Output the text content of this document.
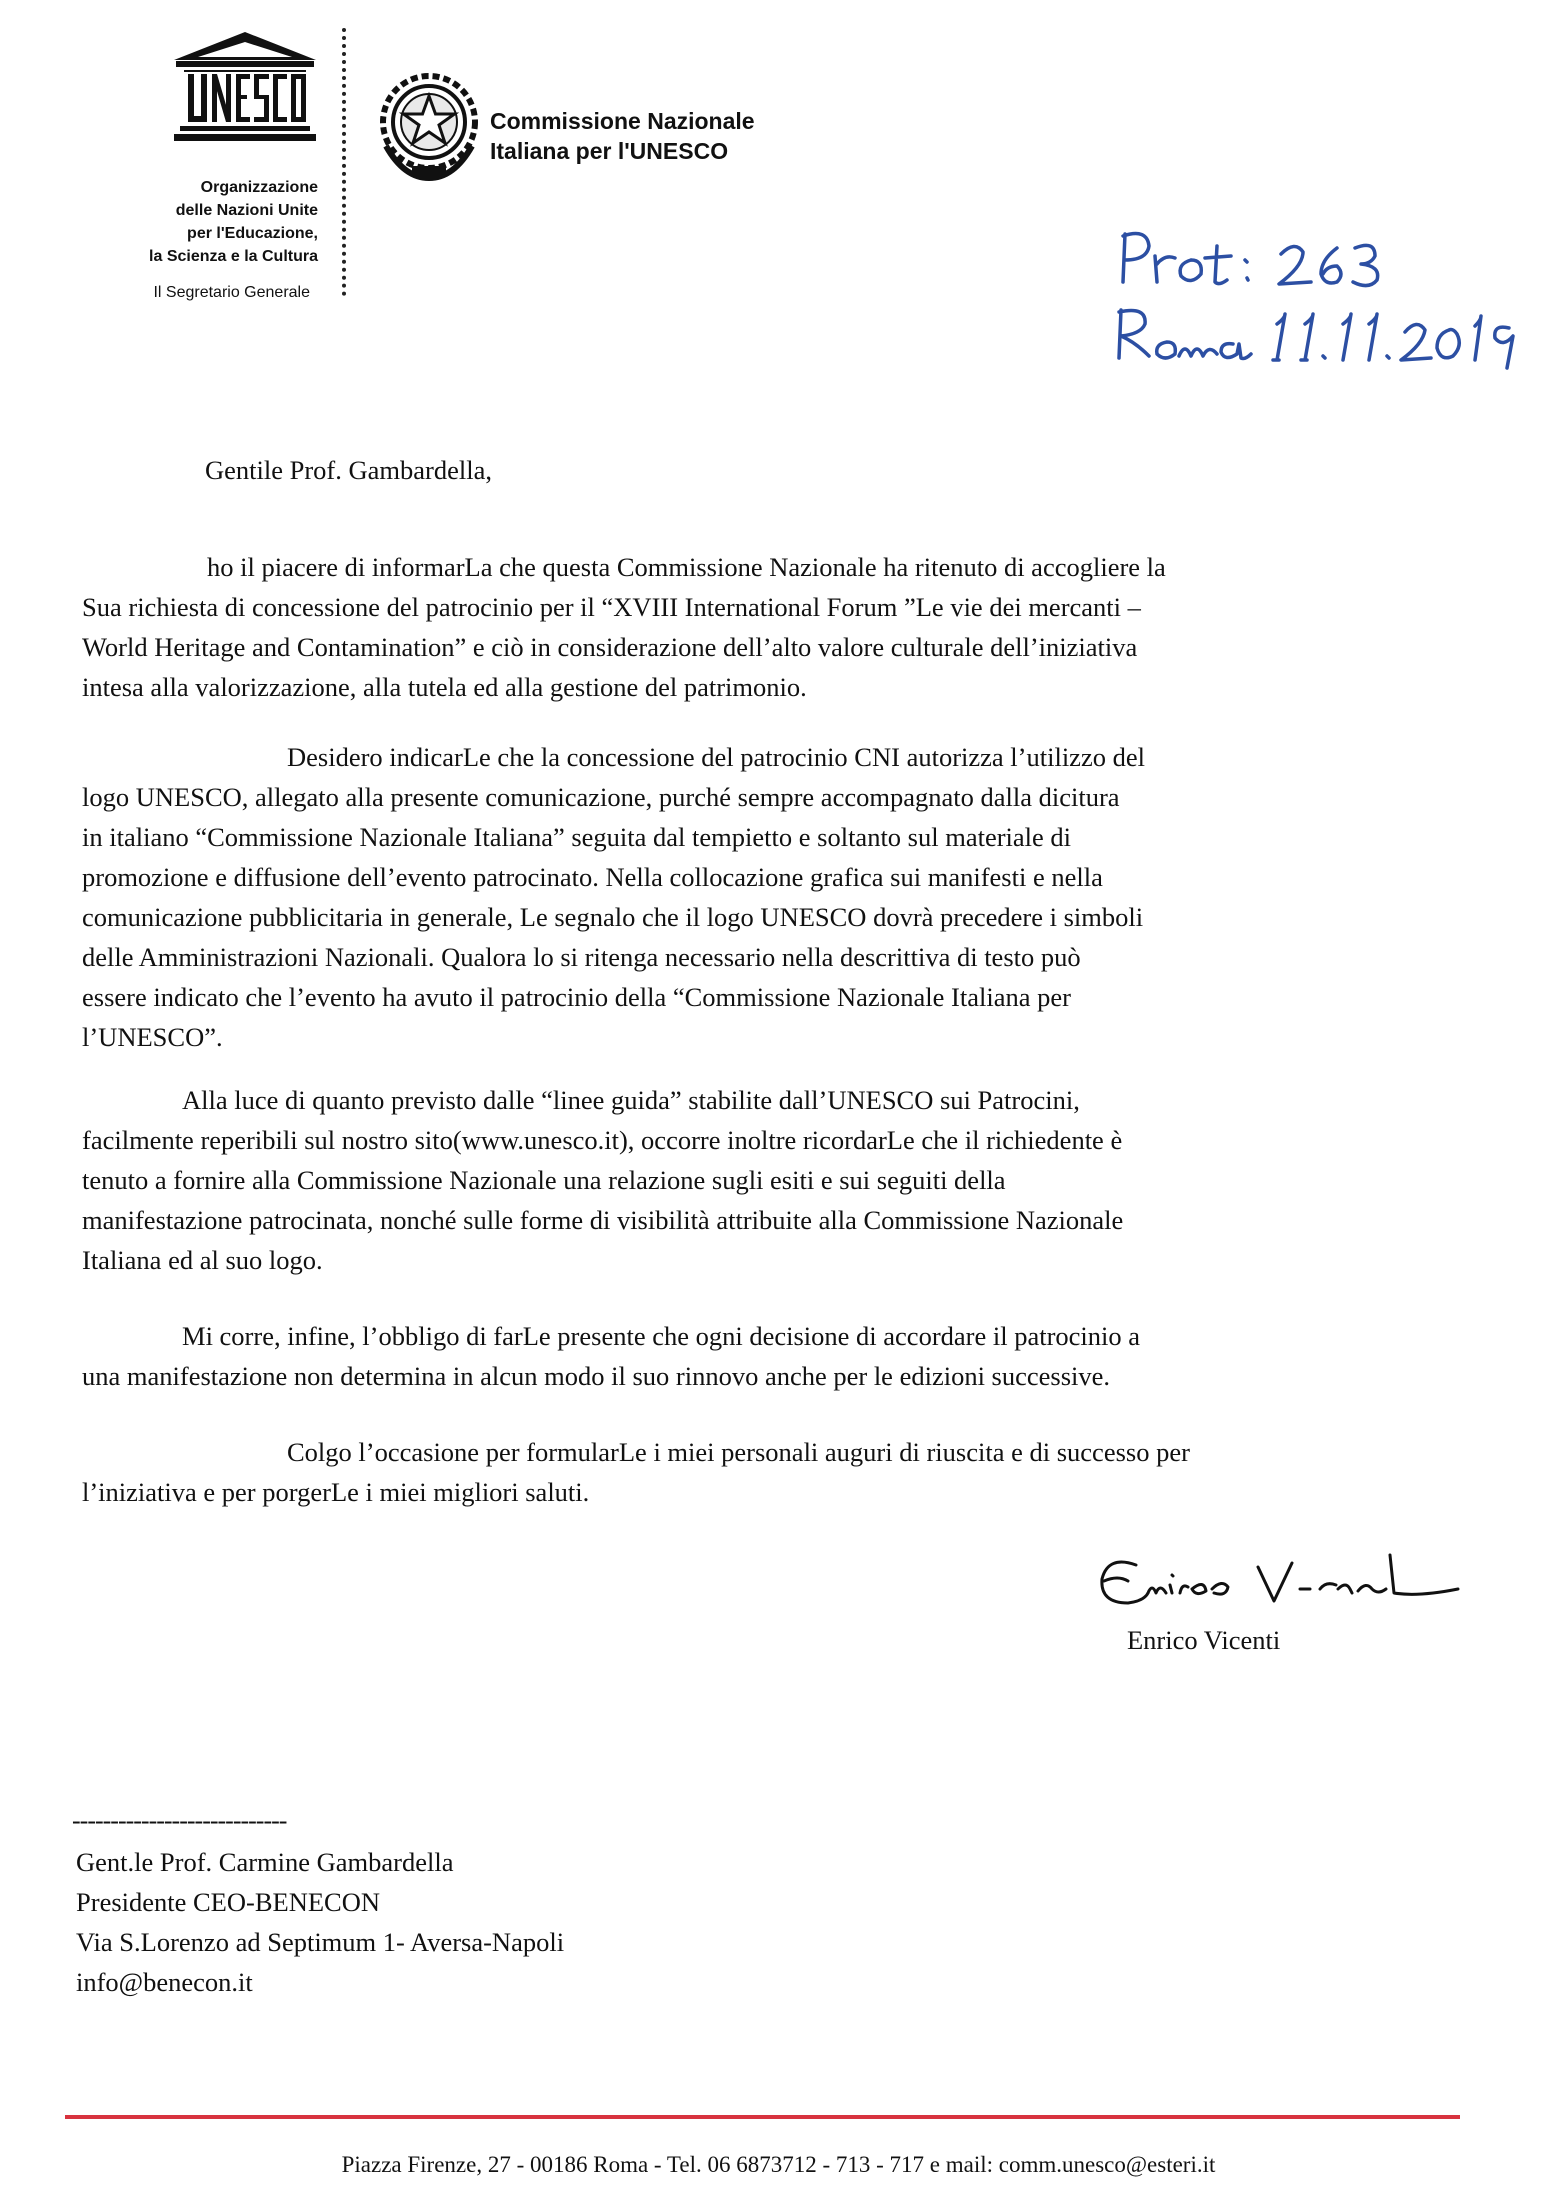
Organizzazione
delle Nazioni Unite
per l'Educazione,
la Scienza e la Cultura
Il Segretario Generale
Commissione Nazionale
Italiana per l'UNESCO
Gentile Prof. Gambardella,
ho il piacere di informarLa che questa Commissione Nazionale ha ritenuto di accogliere la
Sua richiesta di concessione del patrocinio per il “XVIII International Forum ”Le vie dei mercanti –
World Heritage and Contamination” e ciò in considerazione dell’alto valore culturale dell’iniziativa
intesa alla valorizzazione, alla tutela ed alla gestione del patrimonio.
Desidero indicarLe che la concessione del patrocinio CNI autorizza l’utilizzo del
logo UNESCO, allegato alla presente comunicazione, purché sempre accompagnato dalla dicitura
in italiano “Commissione Nazionale Italiana” seguita dal tempietto e soltanto sul materiale di
promozione e diffusione dell’evento patrocinato. Nella collocazione grafica sui manifesti e nella
comunicazione pubblicitaria in generale, Le segnalo che il logo UNESCO dovrà precedere i simboli
delle Amministrazioni Nazionali. Qualora lo si ritenga necessario nella descrittiva di testo può
essere indicato che l’evento ha avuto il patrocinio della “Commissione Nazionale Italiana per
l’UNESCO”.
Alla luce di quanto previsto dalle “linee guida” stabilite dall’UNESCO sui Patrocini,
facilmente reperibili sul nostro sito(www.unesco.it), occorre inoltre ricordarLe che il richiedente è
tenuto a fornire alla Commissione Nazionale una relazione sugli esiti e sui seguiti della
manifestazione patrocinata, nonché sulle forme di visibilità attribuite alla Commissione Nazionale
Italiana ed al suo logo.
Mi corre, infine, l’obbligo di farLe presente che ogni decisione di accordare il patrocinio a
una manifestazione non determina in alcun modo il suo rinnovo anche per le edizioni successive.
Colgo l’occasione per formularLe i miei personali auguri di riuscita e di successo per
l’iniziativa e per porgerLe i miei migliori saluti.
Enrico Vicenti
----------------------------
Gent.le Prof. Carmine Gambardella
Presidente CEO-BENECON
Via S.Lorenzo ad Septimum 1- Aversa-Napoli
info@benecon.it
Piazza Firenze, 27 - 00186 Roma - Tel. 06 6873712 - 713 - 717 e mail: comm.unesco@esteri.it
